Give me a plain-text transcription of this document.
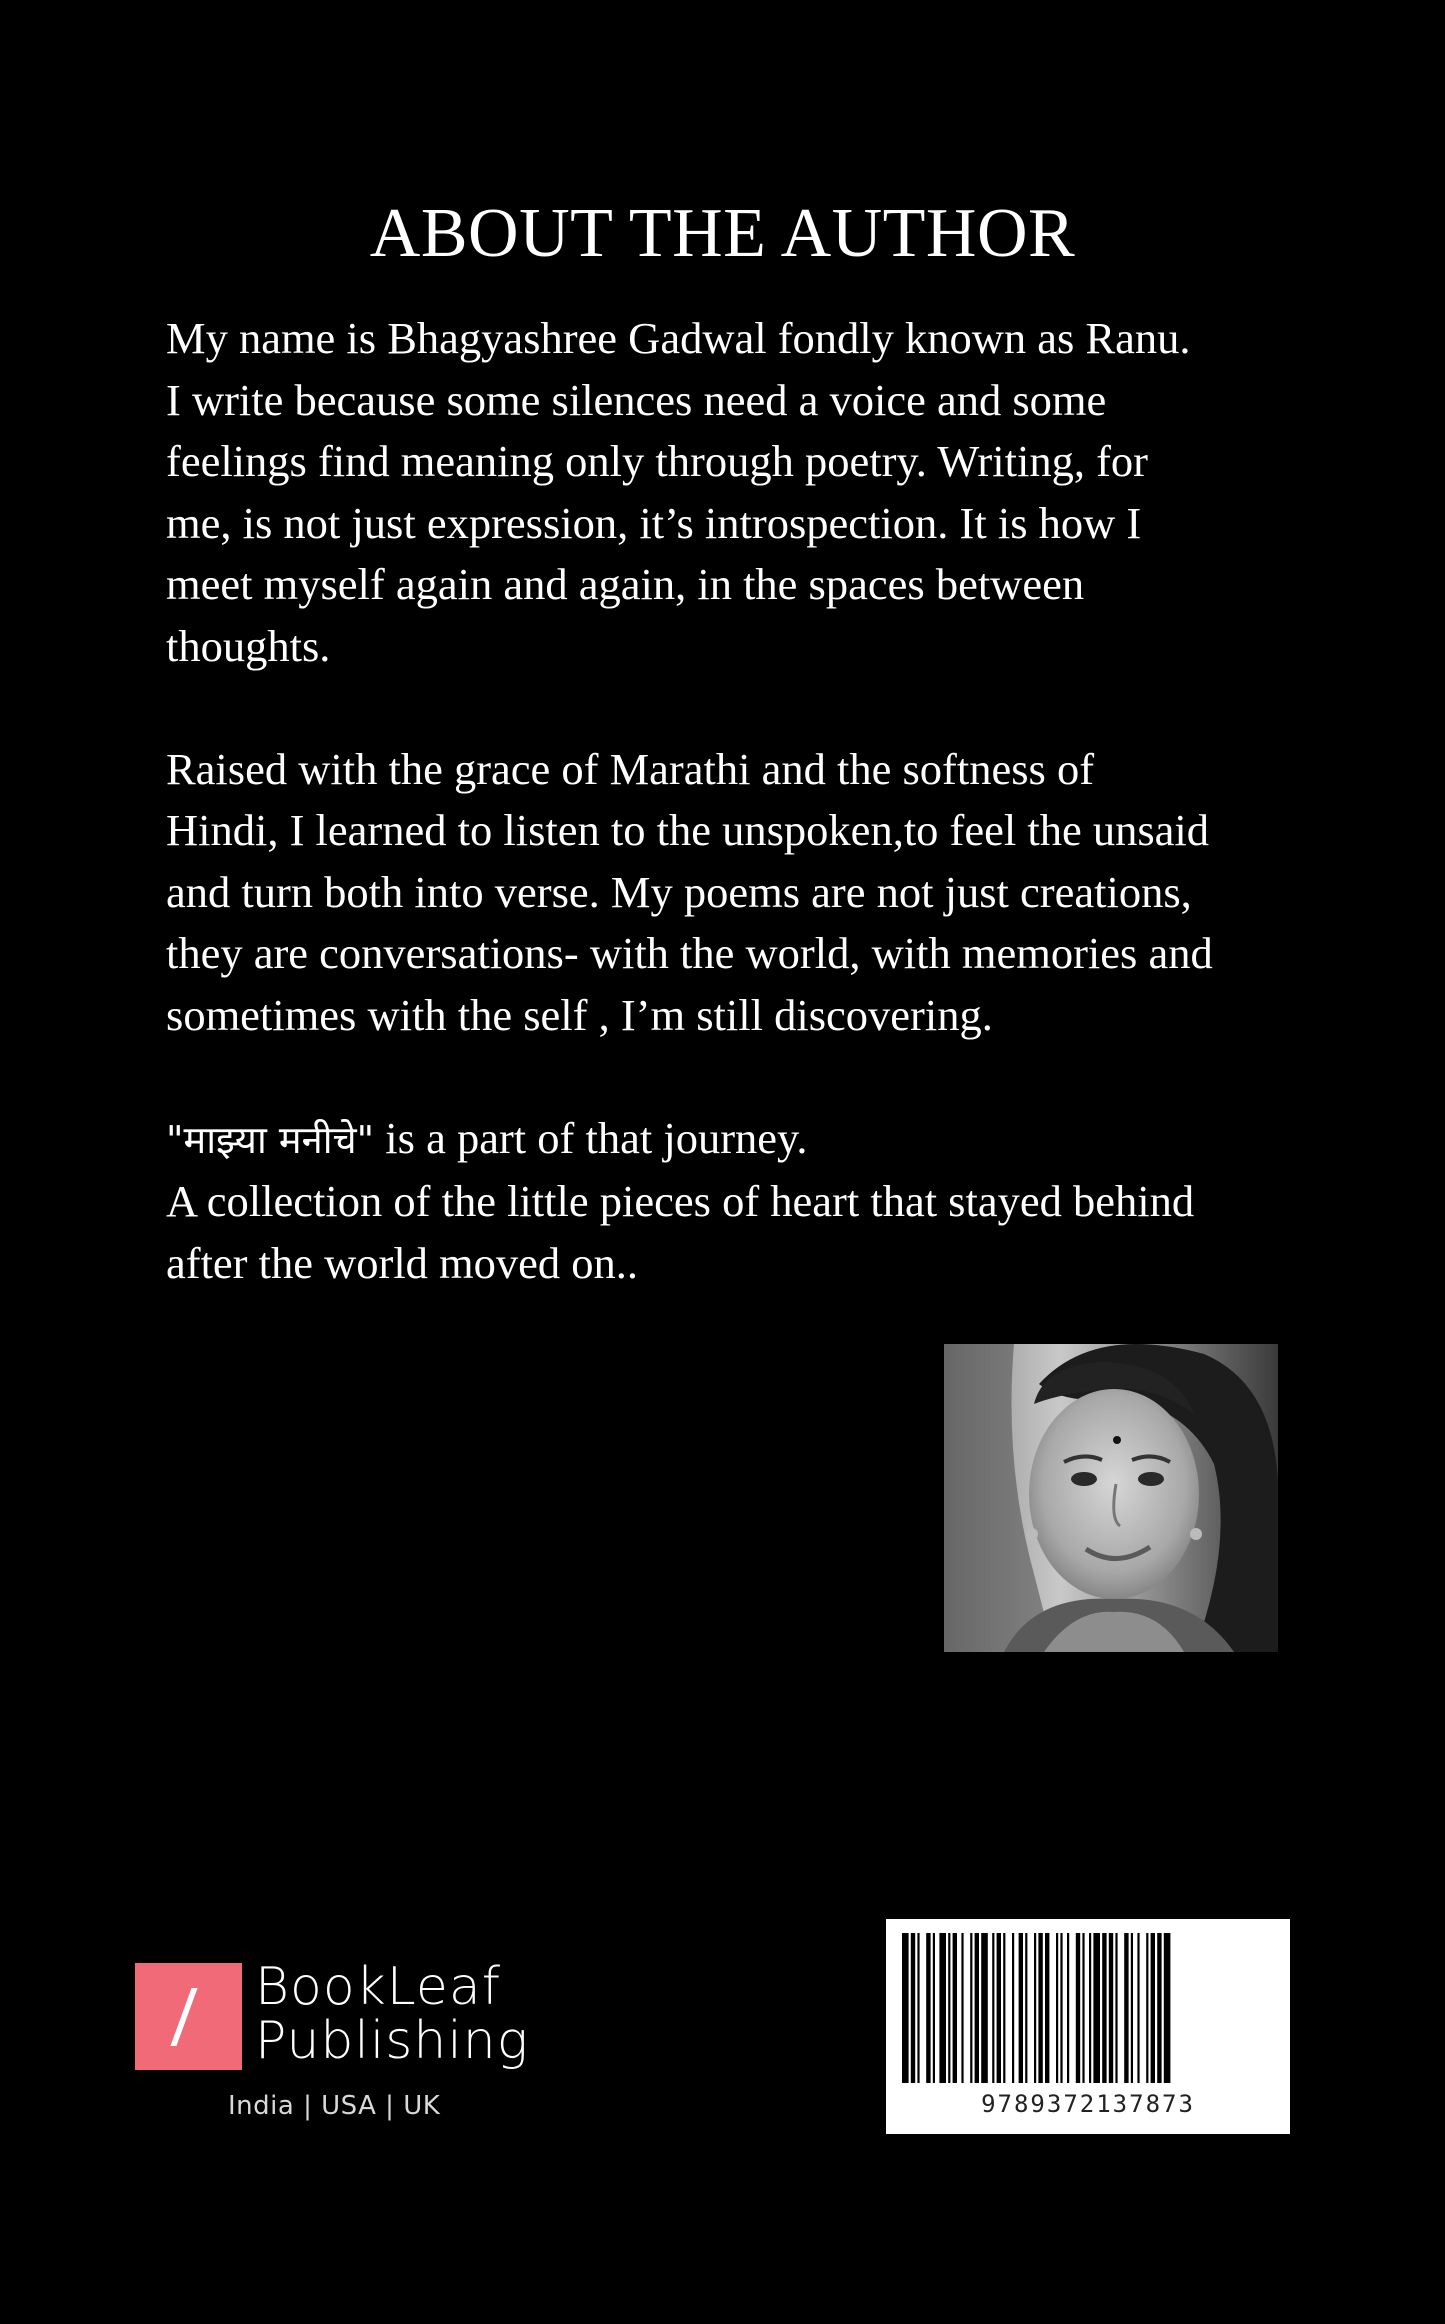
ABOUT THE AUTHOR

My name is Bhagyashree Gadwal fondly known as Ranu.
I write because some silences need a voice and some
feelings find meaning only through poetry. Writing, for
me, is not just expression, it’s introspection. It is how I
meet myself again and again, in the spaces between
thoughts.

Raised with the grace of Marathi and the softness of
Hindi, I learned to listen to the unspoken,to feel the unsaid
and turn both into verse. My poems are not just creations,
they are conversations- with the world, with memories and
sometimes with the self , I’m still discovering.

"माझ्या मनीचे" is a part of that journey.
A collection of the little pieces of heart that stayed behind
after the world moved on..

BookLeaf
Publishing
India | USA | UK	9789372137873
